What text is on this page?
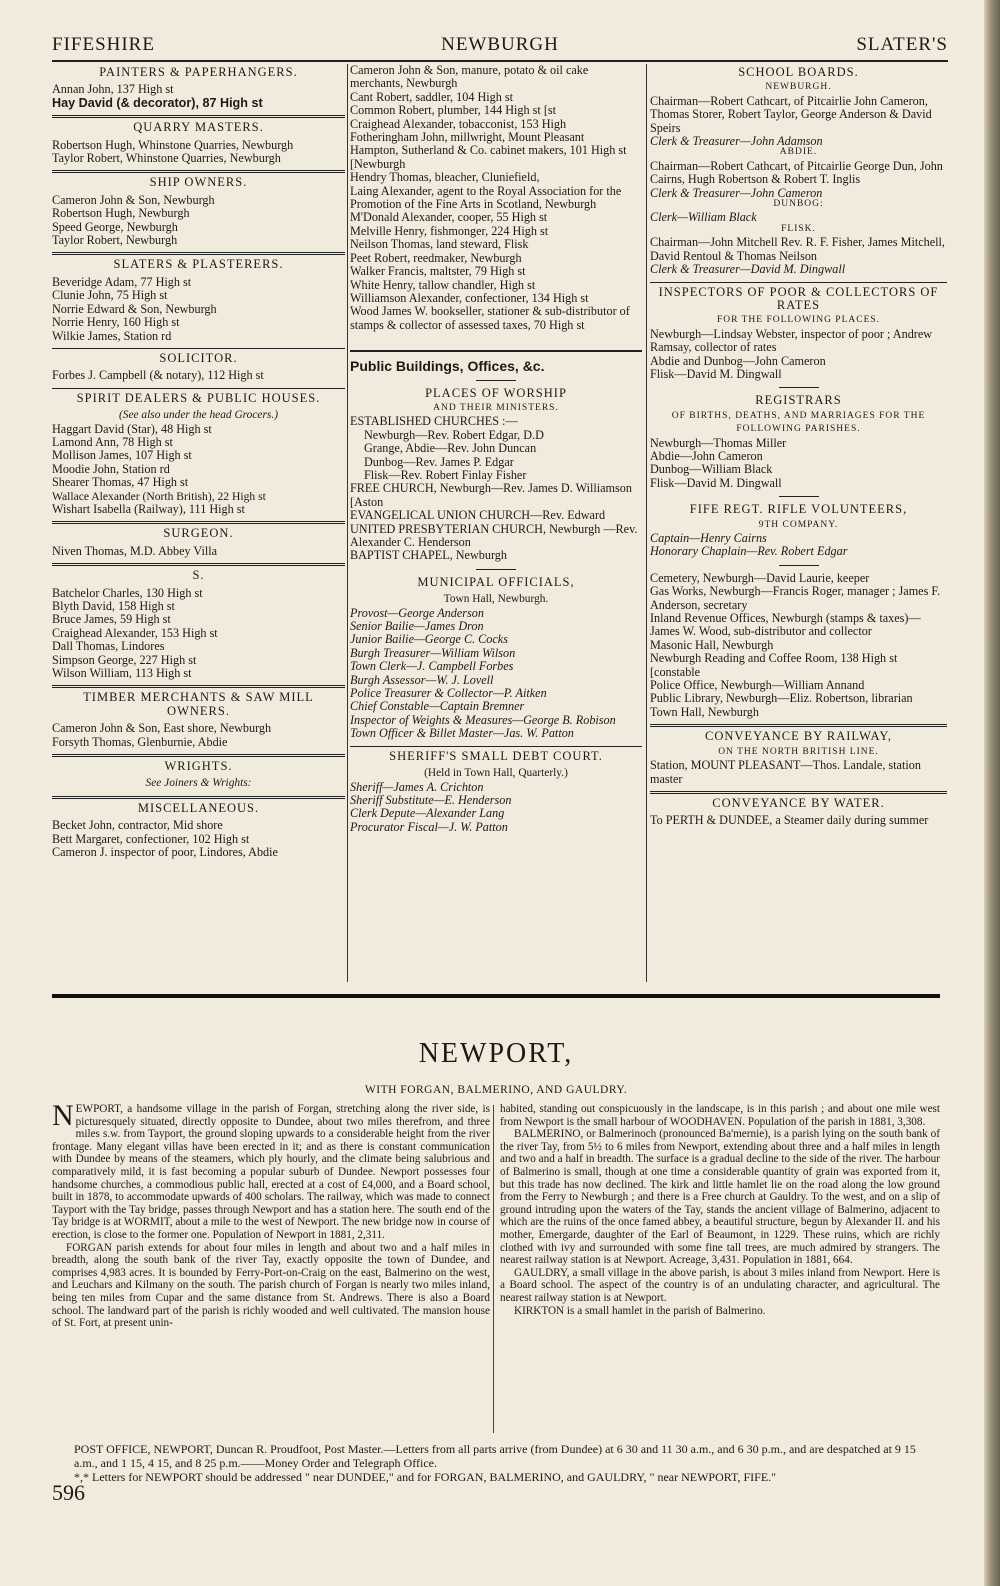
FIFESHIRE	NEWBURGH	SLATER'S
PAINTERS & PAPERHANGERS.
Annan John, 137 High st
Hay David (& decorator), 87 High st
QUARRY MASTERS.
Robertson Hugh, Whinstone Quarries, Newburgh
Taylor Robert, Whinstone Quarries, Newburgh
SHIP OWNERS.
Cameron John & Son, Newburgh
Robertson Hugh, Newburgh
Speed George, Newburgh
Taylor Robert, Newburgh
SLATERS & PLASTERERS.
Beveridge Adam, 77 High st
Clunie John, 75 High st
Norrie Edward & Son, Newburgh
Norrie Henry, 160 High st
Wilkie James, Station rd
SOLICITOR.
Forbes J. Campbell (& notary), 112 High st
SPIRIT DEALERS & PUBLIC HOUSES.
(See also under the head Grocers.)
Haggart David (Star), 48 High st
Lamond Ann, 78 High st
Mollison James, 107 High st
Moodie John, Station rd
Shearer Thomas, 47 High st
Wallace Alexander (North British), 22 High st
Wishart Isabella (Railway), 111 High st
SURGEON.
Niven Thomas, M.D. Abbey Villa
S.
Batchelor Charles, 130 High st
Blyth David, 158 High st
Bruce James, 59 High st
Craighead Alexander, 153 High st
Dall Thomas, Lindores
Simpson George, 227 High st
Wilson William, 113 High st
TIMBER MERCHANTS & SAW MILL OWNERS.
Cameron John & Son, East shore, Newburgh
Forsyth Thomas, Glenburnie, Abdie
WRIGHTS.
See Joiners & Wrights:
MISCELLANEOUS.
Becket John, contractor, Mid shore
Bett Margaret, confectioner, 102 High st
Cameron J. inspector of poor, Lindores, Abdie
Cameron John & Son, manure, potato & oil cake merchants, Newburgh
Cant Robert, saddler, 104 High st
Common Robert, plumber, 144 High st [st
Craighead Alexander, tobacconist, 153 High
Fotheringham John, millwright, Mount Pleasant
Hampton, Sutherland & Co. cabinet makers, 101 High st [Newburgh
Hendry Thomas, bleacher, Cluniefield,
Laing Alexander, agent to the Royal Association for the Promotion of the Fine Arts in Scotland, Newburgh
M'Donald Alexander, cooper, 55 High st
Melville Henry, fishmonger, 224 High st
Neilson Thomas, land steward, Flisk
Peet Robert, reedmaker, Newburgh
Walker Francis, maltster, 79 High st
White Henry, tallow chandler, High st
Williamson Alexander, confectioner, 134 High st
Wood James W. bookseller, stationer & sub-distributor of stamps & collector of assessed taxes, 70 High st
Public Buildings, Offices, &c.
PLACES OF WORSHIP
AND THEIR MINISTERS.
ESTABLISHED CHURCHES :—
Newburgh—Rev. Robert Edgar, D.D
Grange, Abdie—Rev. John Duncan
Dunbog—Rev. James P. Edgar
Flisk—Rev. Robert Finlay Fisher
FREE CHURCH, Newburgh—Rev. James D. Williamson [Aston
EVANGELICAL UNION CHURCH—Rev. Edward
UNITED PRESBYTERIAN CHURCH, Newburgh —Rev. Alexander C. Henderson
BAPTIST CHAPEL, Newburgh
MUNICIPAL OFFICIALS,
Town Hall, Newburgh.
Provost—George Anderson
Senior Bailie—James Dron
Junior Bailie—George C. Cocks
Burgh Treasurer—William Wilson
Town Clerk—J. Campbell Forbes
Burgh Assessor—W. J. Lovell
Police Treasurer & Collector—P. Aitken
Chief Constable—Captain Bremner
Inspector of Weights & Measures—George B. Robison
Town Officer & Billet Master—Jas. W. Patton
SHERIFF'S SMALL DEBT COURT.
(Held in Town Hall, Quarterly.)
Sheriff—James A. Crichton
Sheriff Substitute—E. Henderson
Clerk Depute—Alexander Lang
Procurator Fiscal—J. W. Patton
SCHOOL BOARDS.
NEWBURGH.
Chairman—Robert Cathcart, of Pitcairlie John Cameron, Thomas Storer, Robert Taylor, George Anderson & David Speirs
Clerk & Treasurer—John Adamson
ABDIE.
Chairman—Robert Cathcart, of Pitcairlie George Dun, John Cairns, Hugh Robertson & Robert T. Inglis
Clerk & Treasurer—John Cameron
DUNBOG:
Clerk—William Black
FLISK.
Chairman—John Mitchell Rev. R. F. Fisher, James Mitchell, David Rentoul & Thomas Neilson
Clerk & Treasurer—David M. Dingwall
INSPECTORS OF POOR & COLLECTORS OF RATES
FOR THE FOLLOWING PLACES.
Newburgh—Lindsay Webster, inspector of poor ; Andrew Ramsay, collector of rates
Abdie and Dunbog—John Cameron
Flisk—David M. Dingwall
REGISTRARS
OF BIRTHS, DEATHS, AND MARRIAGES FOR THE FOLLOWING PARISHES.
Newburgh—Thomas Miller
Abdie—John Cameron
Dunbog—William Black
Flisk—David M. Dingwall
FIFE REGT. RIFLE VOLUNTEERS,
9TH COMPANY.
Captain—Henry Cairns
Honorary Chaplain—Rev. Robert Edgar
Cemetery, Newburgh—David Laurie, keeper
Gas Works, Newburgh—Francis Roger, manager ; James F. Anderson, secretary
Inland Revenue Offices, Newburgh (stamps & taxes)—James W. Wood, sub-distributor and collector
Masonic Hall, Newburgh
Newburgh Reading and Coffee Room, 138 High st [constable
Police Office, Newburgh—William Annand
Public Library, Newburgh—Eliz. Robertson, librarian
Town Hall, Newburgh
CONVEYANCE BY RAILWAY,
ON THE NORTH BRITISH LINE.
Station, MOUNT PLEASANT—Thos. Landale, station master
CONVEYANCE BY WATER.
To PERTH & DUNDEE, a Steamer daily during summer
NEWPORT,
WITH FORGAN, BALMERINO, AND GAULDRY.

NEWPORT, a handsome village in the parish of Forgan, stretching along the river side, is picturesquely situated, directly opposite to Dundee, about two miles therefrom, and three miles s.w. from Tayport, the ground sloping upwards to a considerable height from the river frontage. Many elegant villas have been erected in it; and as there is constant communication with Dundee by means of the steamers, which ply hourly, and the climate being salubrious and comparatively mild, it is fast becoming a popular suburb of Dundee. Newport possesses four handsome churches, a commodious public hall, erected at a cost of £4,000, and a Board school, built in 1878, to accommodate upwards of 400 scholars. The railway, which was made to connect Tayport with the Tay bridge, passes through Newport and has a station here. The south end of the Tay bridge is at WORMIT, about a mile to the west of Newport. The new bridge now in course of erection, is close to the former one. Population of Newport in 1881, 2,311.

FORGAN parish extends for about four miles in length and about two and a half miles in breadth, along the south bank of the river Tay, exactly opposite the town of Dundee, and comprises 4,983 acres. It is bounded by Ferry-Port-on-Craig on the east, Balmerino on the west, and Leuchars and Kilmany on the south. The parish church of Forgan is nearly two miles inland, being ten miles from Cupar and the same distance from St. Andrews. There is also a Board school. The landward part of the parish is richly wooded and well cultivated. The mansion house of St. Fort, at present unin-

habited, standing out conspicuously in the landscape, is in this parish ; and about one mile west from Newport is the small harbour of WOODHAVEN. Population of the parish in 1881, 3,308.

BALMERINO, or Balmerinoch (pronounced Ba'mernie), is a parish lying on the south bank of the river Tay, from 5½ to 6 miles from Newport, extending about three and a half miles in length and two and a half in breadth. The surface is a gradual decline to the side of the river. The harbour of Balmerino is small, though at one time a considerable quantity of grain was exported from it, but this trade has now declined. The kirk and little hamlet lie on the road along the low ground from the Ferry to Newburgh ; and there is a Free church at Gauldry. To the west, and on a slip of ground intruding upon the waters of the Tay, stands the ancient village of Balmerino, adjacent to which are the ruins of the once famed abbey, a beautiful structure, begun by Alexander II. and his mother, Emergarde, daughter of the Earl of Beaumont, in 1229. These ruins, which are richly clothed with ivy and surrounded with some fine tall trees, are much admired by strangers. The nearest railway station is at Newport. Acreage, 3,431. Population in 1881, 664.

GAULDRY, a small village in the above parish, is about 3 miles inland from Newport. Here is a Board school. The aspect of the country is of an undulating character, and agricultural. The nearest railway station is at Newport.

KIRKTON is a small hamlet in the parish of Balmerino.

POST OFFICE, NEWPORT, Duncan R. Proudfoot, Post Master.—Letters from all parts arrive (from Dundee) at 6 30 and 11 30 a.m., and 6 30 p.m., and are despatched at 9 15 a.m., and 1 15, 4 15, and 8 25 p.m.——Money Order and Telegraph Office.
*,* Letters for NEWPORT should be addressed " near DUNDEE," and for FORGAN, BALMERINO, and GAULDRY, " near NEWPORT, FIFE."
596
